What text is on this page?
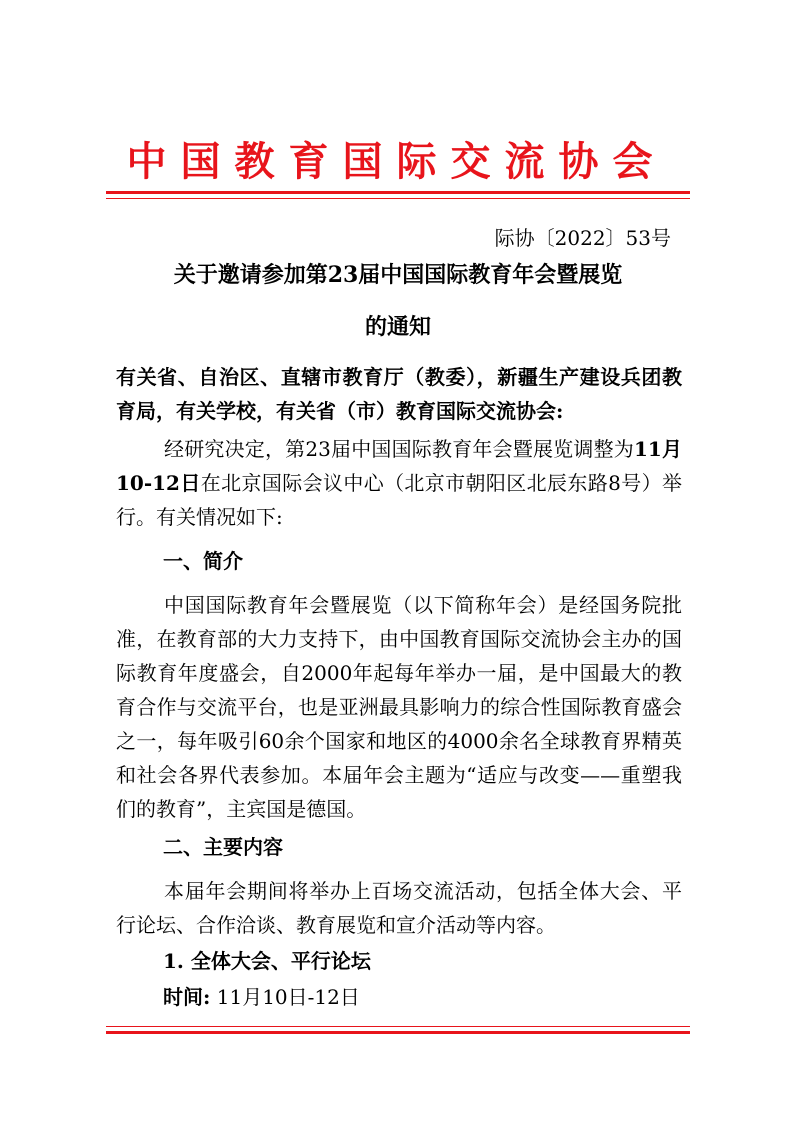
中国教育国际交流协会
际协〔2022〕53号
关于邀请参加第23届中国国际教育年会暨展览
的通知
有关省、自治区、直辖市教育厅（教委），新疆生产建设兵团教育局，有关学校，有关省（市）教育国际交流协会:
经研究决定，第23届中国国际教育年会暨展览调整为11月10-12日在北京国际会议中心（北京市朝阳区北辰东路8号）举行。有关情况如下:
一、简介
中国国际教育年会暨展览（以下简称年会）是经国务院批准，在教育部的大力支持下，由中国教育国际交流协会主办的国际教育年度盛会，自2000年起每年举办一届，是中国最大的教育合作与交流平台，也是亚洲最具影响力的综合性国际教育盛会之一，每年吸引60余个国家和地区的4000余名全球教育界精英和社会各界代表参加。本届年会主题为“适应与改变——重塑我们的教育”，主宾国是德国。
二、主要内容
本届年会期间将举办上百场交流活动，包括全体大会、平行论坛、合作洽谈、教育展览和宣介活动等内容。
1. 全体大会、平行论坛
时间: 11月10日-12日
